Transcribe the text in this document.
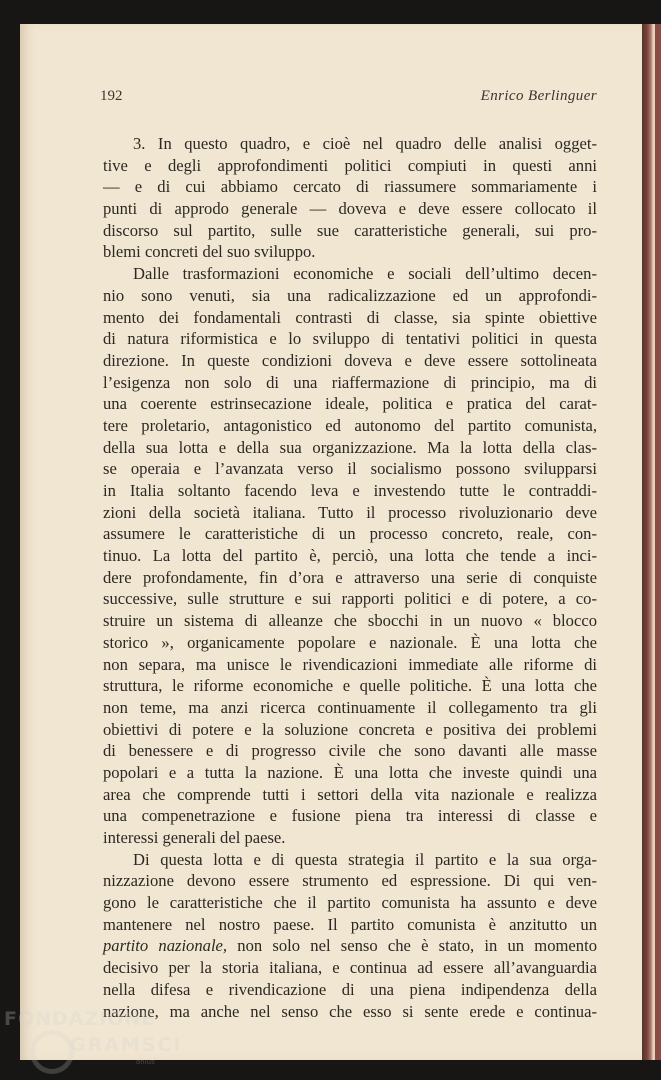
192	Enrico Berlinguer
3. In questo quadro, e cioè nel quadro delle analisi ogget-
tive e degli approfondimenti politici compiuti in questi anni
— e di cui abbiamo cercato di riassumere sommariamente i
punti di approdo generale — doveva e deve essere collocato il
discorso sul partito, sulle sue caratteristiche generali, sui pro-
blemi concreti del suo sviluppo.
Dalle trasformazioni economiche e sociali dell’ultimo decen-
nio sono venuti, sia una radicalizzazione ed un approfondi-
mento dei fondamentali contrasti di classe, sia spinte obiettive
di natura riformistica e lo sviluppo di tentativi politici in questa
direzione. In queste condizioni doveva e deve essere sottolineata
l’esigenza non solo di una riaffermazione di principio, ma di
una coerente estrinsecazione ideale, politica e pratica del carat-
tere proletario, antagonistico ed autonomo del partito comunista,
della sua lotta e della sua organizzazione. Ma la lotta della clas-
se operaia e l’avanzata verso il socialismo possono svilupparsi
in Italia soltanto facendo leva e investendo tutte le contraddi-
zioni della società italiana. Tutto il processo rivoluzionario deve
assumere le caratteristiche di un processo concreto, reale, con-
tinuo. La lotta del partito è, perciò, una lotta che tende a inci-
dere profondamente, fin d’ora e attraverso una serie di conquiste
successive, sulle strutture e sui rapporti politici e di potere, a co-
struire un sistema di alleanze che sbocchi in un nuovo « blocco
storico », organicamente popolare e nazionale. È una lotta che
non separa, ma unisce le rivendicazioni immediate alle riforme di
struttura, le riforme economiche e quelle politiche. È una lotta che
non teme, ma anzi ricerca continuamente il collegamento tra gli
obiettivi di potere e la soluzione concreta e positiva dei problemi
di benessere e di progresso civile che sono davanti alle masse
popolari e a tutta la nazione. È una lotta che investe quindi una
area che comprende tutti i settori della vita nazionale e realizza
una compenetrazione e fusione piena tra interessi di classe e
interessi generali del paese.
Di questa lotta e di questa strategia il partito e la sua orga-
nizzazione devono essere strumento ed espressione. Di qui ven-
gono le caratteristiche che il partito comunista ha assunto e deve
mantenere nel nostro paese. Il partito comunista è anzitutto un
partito nazionale, non solo nel senso che è stato, in un momento
decisivo per la storia italiana, e continua ad essere all’avanguardia
nella difesa e rivendicazione di una piena indipendenza della
nazione, ma anche nel senso che esso si sente erede e continua-
FONDAZIONE
GRAMSCI
onlus
